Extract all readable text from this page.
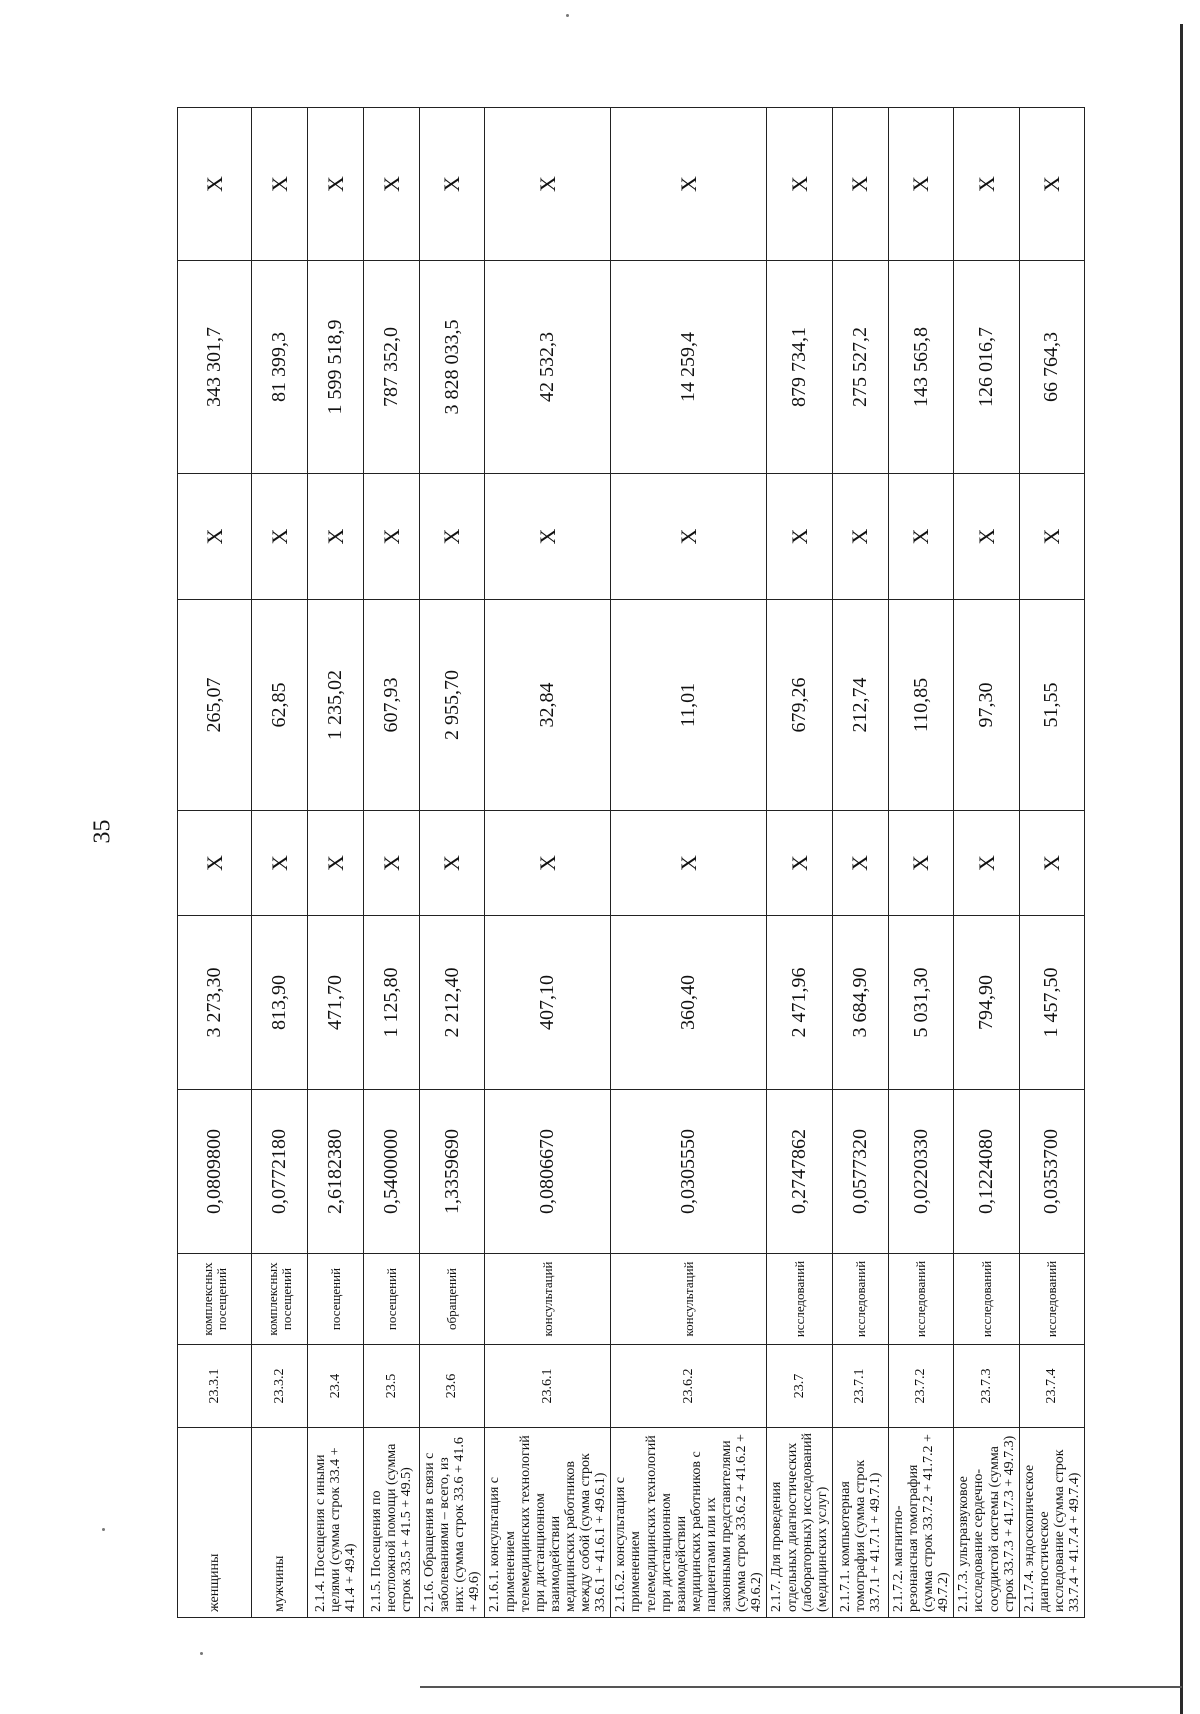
35
женщины	23.3.1	комплексных посещений	0,0809800	3 273,30	Х	265,07	Х	343 301,7	Х
мужчины	23.3.2	комплексных посещений	0,0772180	813,90	Х	62,85	Х	81 399,3	Х
2.1.4. Посещения с иными целями (сумма строк 33.4 + 41.4 + 49.4)	23.4	посещений	2,6182380	471,70	Х	1 235,02	Х	1 599 518,9	Х
2.1.5. Посещения по неотложной помощи (сумма строк 33.5 + 41.5 + 49.5)	23.5	посещений	0,5400000	1 125,80	Х	607,93	Х	787 352,0	Х
2.1.6. Обращения в связи с заболеваниями – всего, из них: (сумма строк 33.6 + 41.6 + 49.6)	23.6	обращений	1,3359690	2 212,40	Х	2 955,70	Х	3 828 033,5	Х
2.1.6.1. консультация с применением телемедицинских технологий при дистанционном взаимодействии медицинских работников между собой (сумма строк 33.6.1 + 41.6.1 + 49.6.1)	23.6.1	консультаций	0,0806670	407,10	Х	32,84	Х	42 532,3	Х
2.1.6.2. консультация с применением телемедицинских технологий при дистанционном взаимодействии медицинских работников с пациентами или их законными представителями (сумма строк 33.6.2 + 41.6.2 + 49.6.2)	23.6.2	консультаций	0,0305550	360,40	Х	11,01	Х	14 259,4	Х
2.1.7. Для проведения отдельных диагностических (лабораторных) исследований (медицинских услуг)	23.7	исследований	0,2747862	2 471,96	Х	679,26	Х	879 734,1	Х
2.1.7.1. компьютерная томография (сумма строк 33.7.1 + 41.7.1 + 49.7.1)	23.7.1	исследований	0,0577320	3 684,90	Х	212,74	Х	275 527,2	Х
2.1.7.2. магнитно-резонансная томография (сумма строк 33.7.2 + 41.7.2 + 49.7.2)	23.7.2	исследований	0,0220330	5 031,30	Х	110,85	Х	143 565,8	Х
2.1.7.3. ультразвуковое исследование сердечно-сосудистой системы (сумма строк 33.7.3 + 41.7.3 + 49.7.3)	23.7.3	исследований	0,1224080	794,90	Х	97,30	Х	126 016,7	Х
2.1.7.4. эндоскопическое диагностическое исследование (сумма строк 33.7.4 + 41.7.4 + 49.7.4)	23.7.4	исследований	0,0353700	1 457,50	Х	51,55	Х	66 764,3	Х
